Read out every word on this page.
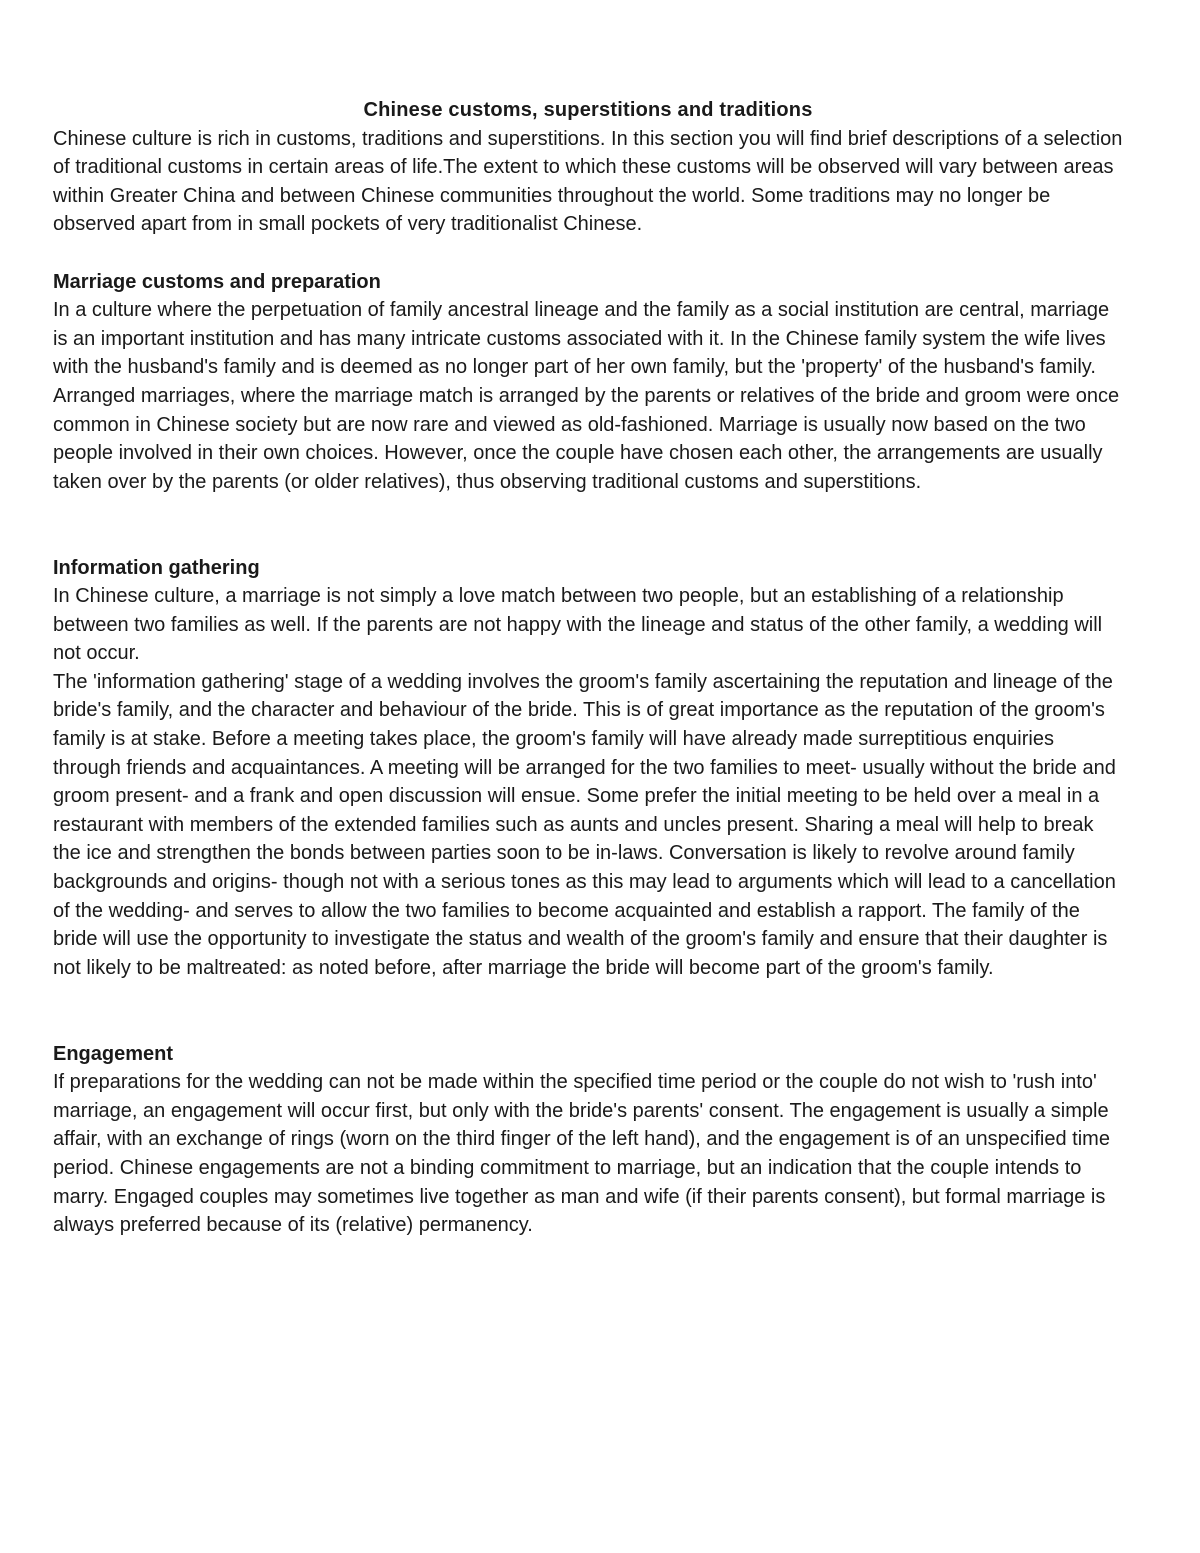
Chinese customs, superstitions and traditions

Chinese culture is rich in customs, traditions and superstitions. In this section you will find brief descriptions of a selection of traditional customs in certain areas of life.The extent to which these customs will be observed will vary between areas within Greater China and between Chinese communities throughout the world. Some traditions may no longer be observed apart from in small pockets of very traditionalist Chinese.

Marriage customs and preparation

In a culture where the perpetuation of family ancestral lineage and the family as a social institution are central, marriage is an important institution and has many intricate customs associated with it. In the Chinese family system the wife lives with the husband's family and is deemed as no longer part of her own family, but the 'property' of the husband's family.

Arranged marriages, where the marriage match is arranged by the parents or relatives of the bride and groom were once common in Chinese society but are now rare and viewed as old-fashioned. Marriage is usually now based on the two people involved in their own choices. However, once the couple have chosen each other, the arrangements are usually taken over by the parents (or older relatives), thus observing traditional customs and superstitions.

Information gathering

In Chinese culture, a marriage is not simply a love match between two people, but an establishing of a relationship between two families as well. If the parents are not happy with the lineage and status of the other family, a wedding will not occur.

The 'information gathering' stage of a wedding involves the groom's family ascertaining the reputation and lineage of the bride's family, and the character and behaviour of the bride. This is of great importance as the reputation of the groom's family is at stake. Before a meeting takes place, the groom's family will have already made surreptitious enquiries through friends and acquaintances. A meeting will be arranged for the two families to meet- usually without the bride and groom present- and a frank and open discussion will ensue. Some prefer the initial meeting to be held over a meal in a restaurant with members of the extended families such as aunts and uncles present. Sharing a meal will help to break the ice and strengthen the bonds between parties soon to be in-laws. Conversation is likely to revolve around family backgrounds and origins- though not with a serious tones as this may lead to arguments which will lead to a cancellation of the wedding- and serves to allow the two families to become acquainted and establish a rapport. The family of the bride will use the opportunity to investigate the status and wealth of the groom's family and ensure that their daughter is not likely to be maltreated: as noted before, after marriage the bride will become part of the groom's family.

Engagement

If preparations for the wedding can not be made within the specified time period or the couple do not wish to 'rush into' marriage, an engagement will occur first, but only with the bride's parents' consent. The engagement is usually a simple affair, with an exchange of rings (worn on the third finger of the left hand), and the engagement is of an unspecified time period. Chinese engagements are not a binding commitment to marriage, but an indication that the couple intends to marry. Engaged couples may sometimes live together as man and wife (if their parents consent), but formal marriage is always preferred because of its (relative) permanency.
